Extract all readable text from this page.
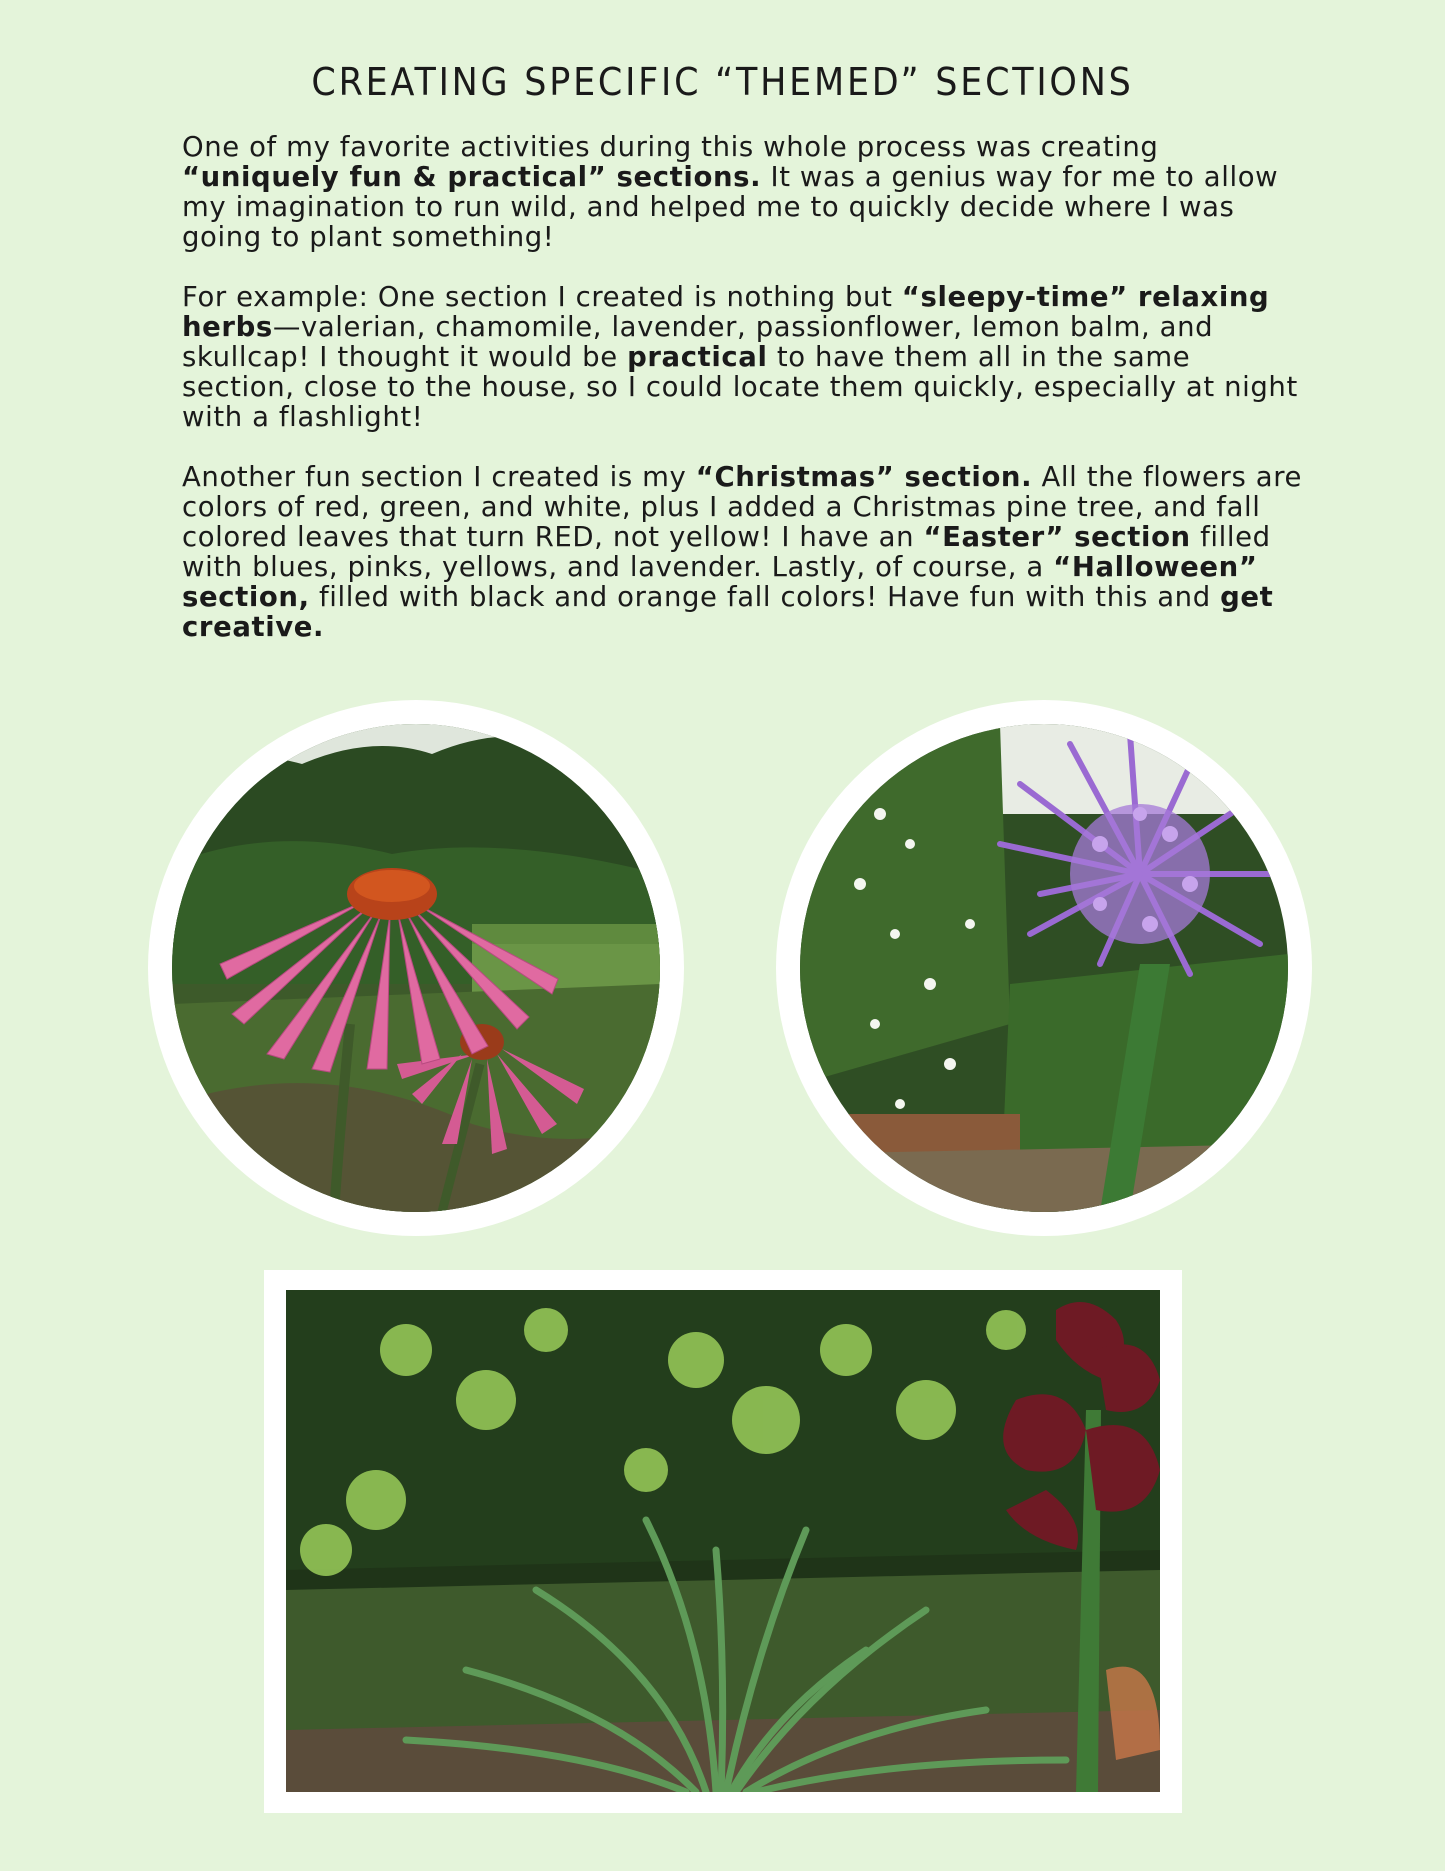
CREATING SPECIFIC “THEMED” SECTIONS

One of my favorite activities during this whole process was creating “uniquely fun & practical” sections. It was a genius way for me to allow my imagination to run wild, and helped me to quickly decide where I was going to plant something!

For example: One section I created is nothing but “sleepy-time” relaxing herbs—valerian, chamomile, lavender, passionflower, lemon balm, and skullcap! I thought it would be practical to have them all in the same section, close to the house, so I could locate them quickly, especially at night with a flashlight!

Another fun section I created is my “Christmas” section. All the flowers are colors of red, green, and white, plus I added a Christmas pine tree, and fall colored leaves that turn RED, not yellow! I have an “Easter” section filled with blues, pinks, yellows, and lavender. Lastly, of course, a “Halloween” section, filled with black and orange fall colors! Have fun with this and get creative.
